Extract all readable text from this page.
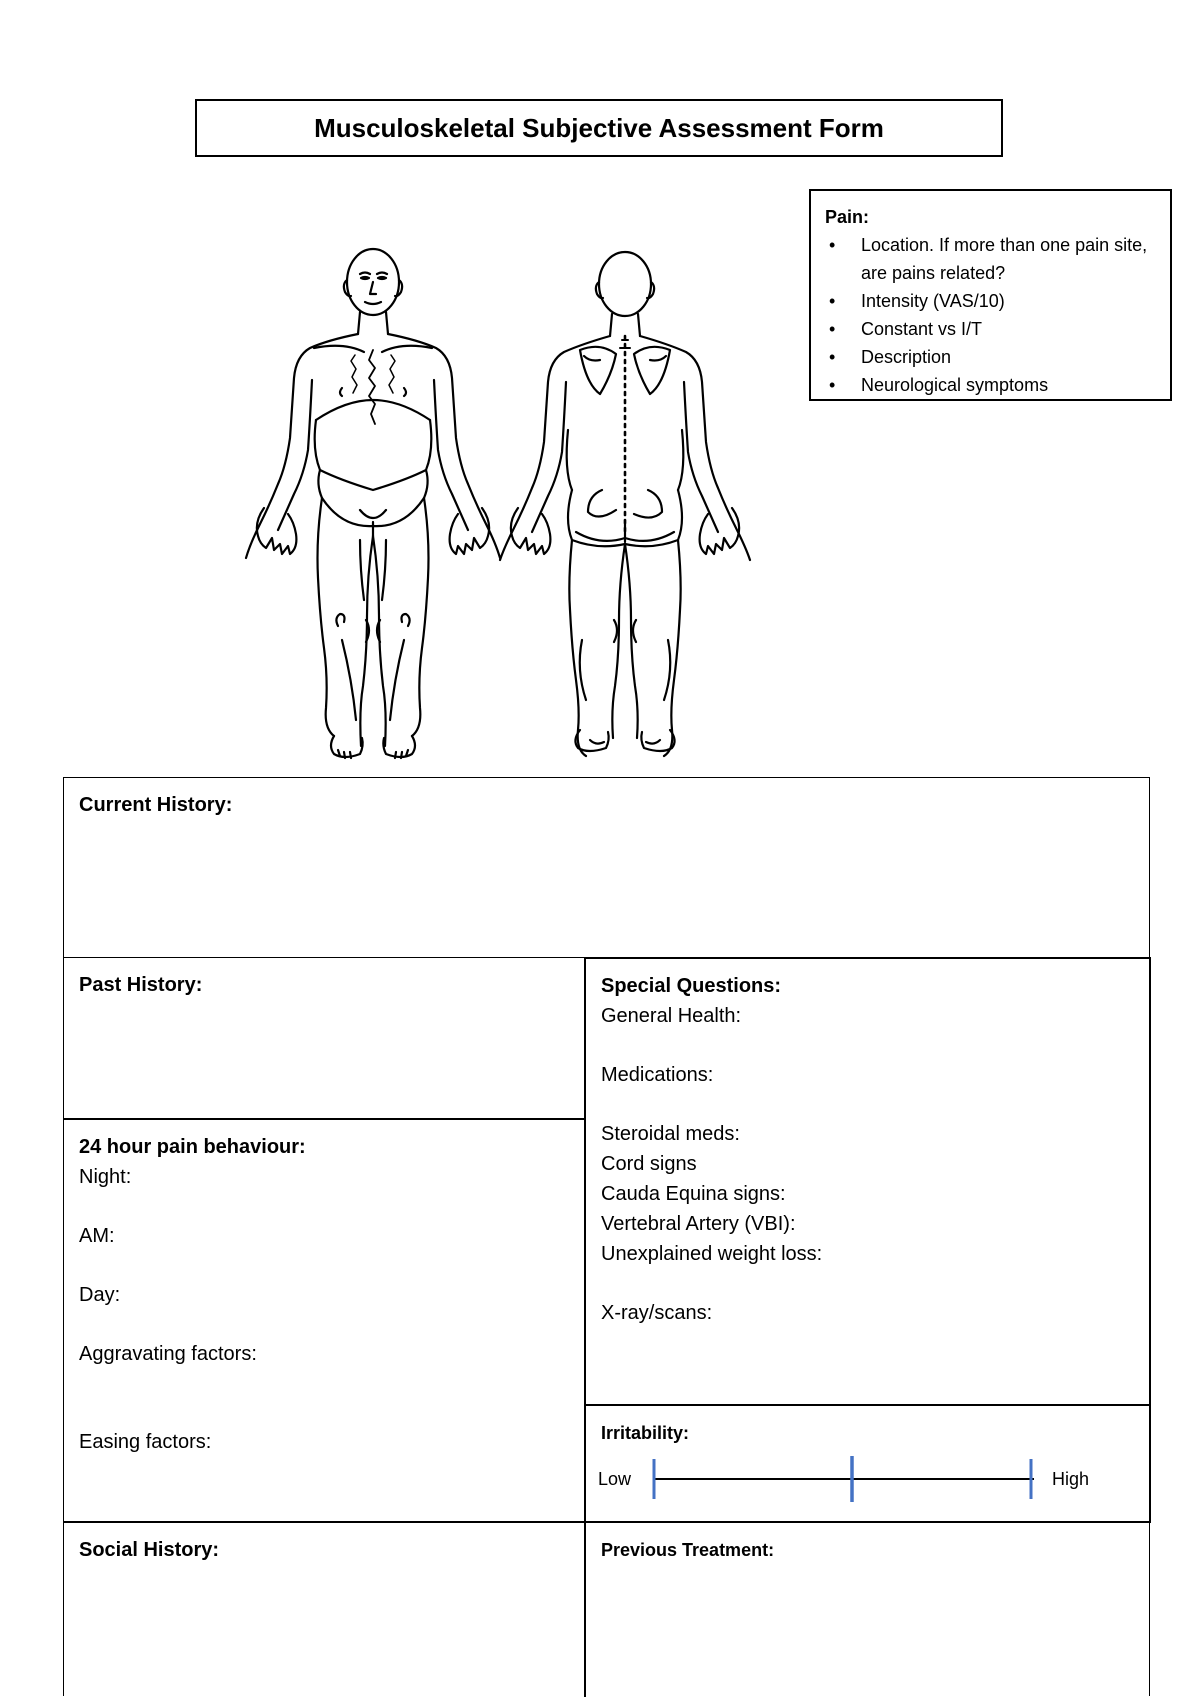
Musculoskeletal Subjective Assessment Form
Pain:
• Location. If more than one pain site, are pains related?
• Intensity (VAS/10)
• Constant vs I/T
• Description
• Neurological symptoms
Current History:
Past History:
24 hour pain behaviour:
Night:
AM:
Day:
Aggravating factors:
Easing factors:
Special Questions:
General Health:
Medications:
Steroidal meds:
Cord signs
Cauda Equina signs:
Vertebral Artery (VBI):
Unexplained weight loss:
X-ray/scans:
Irritability:
Low	High
Social History:	Previous Treatment:
